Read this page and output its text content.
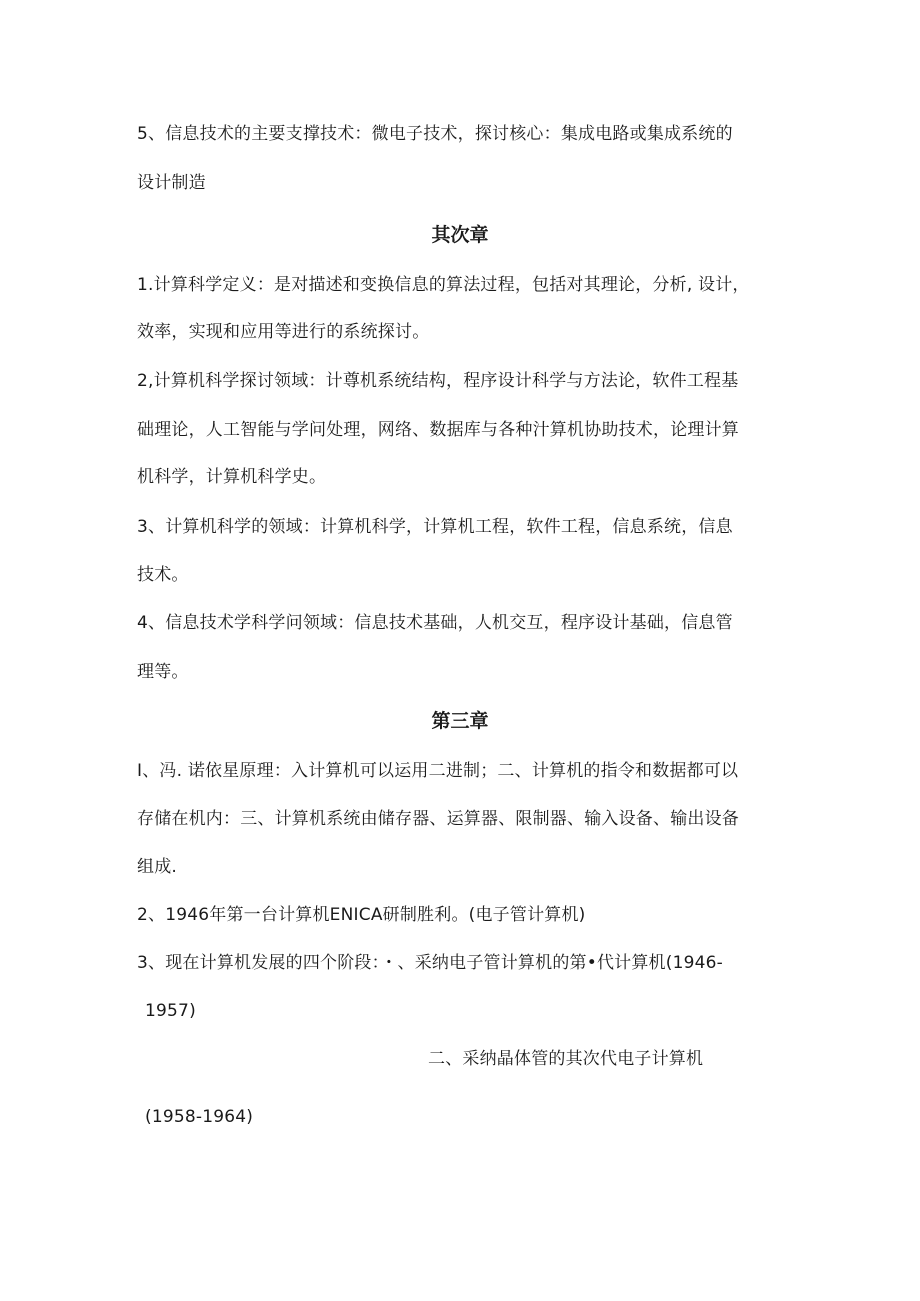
5、信息技术的主要支撑技术：微电子技术，探讨核心：集成电路或集成系统的
设计制造
其次章
1.计算科学定义：是对描述和变换信息的算法过程，包括对其理论，分析, 设计，
效率，实现和应用等进行的系统探讨。
2,计算机科学探讨领域：计尊机系统结构，程序设计科学与方法论，软件工程基
础理论，人工智能与学问处理，网络、数据库与各种汁算机协助技术，论理计算
机科学，计算机科学史。
3、计算机科学的领域：计算机科学，计算机工程，软件工程，信息系统，信息
技术。
4、信息技术学科学问领域：信息技术基础，人机交互，程序设计基础，信息管
理等。
第三章
I、冯. 诺依星原理：入计算机可以运用二进制；二、计算机的指令和数据都可以
存储在机内：三、计算机系统由储存器、运算器、限制器、输入设备、输出设备
组成.
2、1946年第一台计算机ENICA研制胜利。(电子管计算机)
3、现在计算机发展的四个阶段：・、采纳电子管计算机的第•代计算机(1946-
1957)
二、采纳晶体管的其次代电子计算机
(1958-1964)
